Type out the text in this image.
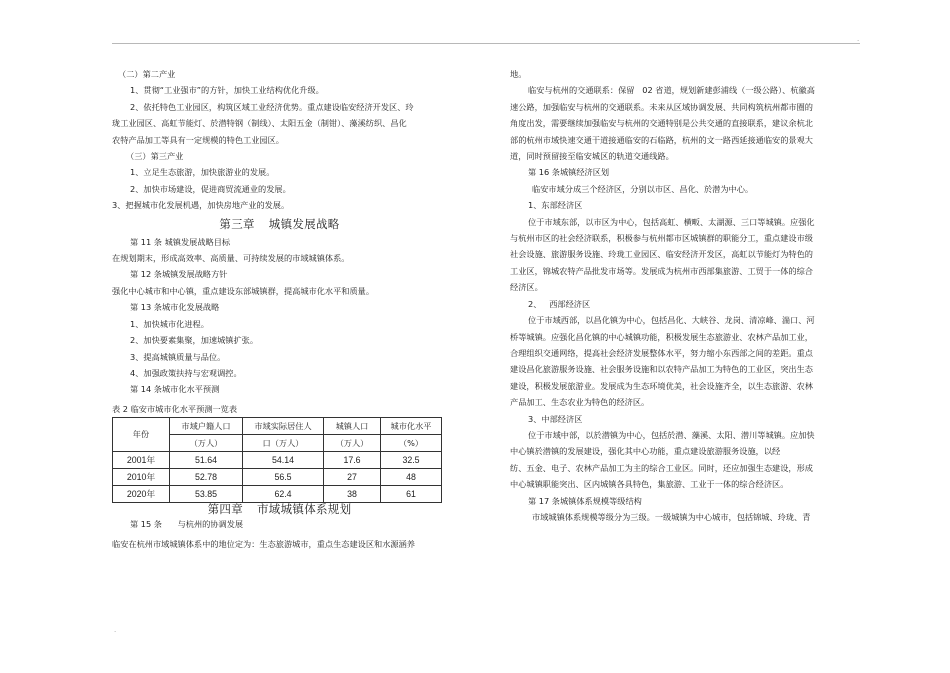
·
·
（二）第二产业
1、贯彻“工业强市”的方针，加快工业结构优化升级。
2、依托特色工业园区，构筑区域工业经济优势。重点建设临安经济开发区、玲
珑工业园区、高虹节能灯、於潜特钢（制线）、太阳五金（制钳）、藻溪纺织、昌化
农特产品加工等具有一定规模的特色工业园区。
（三）第三产业
1、立足生态旅游，加快旅游业的发展。
2、加快市场建设，促进商贸流通业的发展。
3、把握城市化发展机遇，加快房地产业的发展。
第三章 城镇发展战略
第 11 条 城镇发展战略目标
在规划期末，形成高效率、高质量、可持续发展的市域城镇体系。
第 12 条城镇发展战略方针
强化中心城市和中心镇，重点建设东部城镇群，提高城市化水平和质量。
第 13 条城市化发展战略
1、加快城市化进程。
2、加快要素集聚，加速城镇扩张。
3、提高城镇质量与品位。
4、加强政策扶持与宏观调控。
第 14 条城市化水平预测
表 2 临安市城市化水平预测一览表
年份	市域户籍人口	市域实际居住人	城镇人口	城市化水平
	（万人）	口（万人）	（万人）	（%）
2001年	51.64	54.14	17.6	32.5
2010年	52.78	56.5	27	48
2020年	53.85	62.4	38	61
第四章 市域城镇体系规划
第 15 条      与杭州的协调发展
临安在杭州市域城镇体系中的地位定为：生态旅游城市，重点生态建设区和水源涵养
地。
临安与杭州的交通联系：保留   02 省道，规划新建彭浦线（一级公路）、杭徽高
速公路，加强临安与杭州的交通联系。未来从区域协调发展、共同构筑杭州都市圈的
角度出发，需要继续加强临安与杭州的交通特别是公共交通的直接联系，建议余杭北
部的杭州市域快速交通干道接通临安的石临路，杭州的文一路西延接通临安的景观大
道，同时预留接至临安城区的轨道交通线路。
第 16 条城镇经济区划
临安市域分成三个经济区，分别以市区、昌化、於潜为中心。
1、东部经济区
位于市域东部，以市区为中心，包括高虹、横畈、太湖源、三口等城镇。应强化
与杭州市区的社会经济联系，积极参与杭州都市区城镇群的职能分工，重点建设市级
社会设施、旅游服务设施、玲珑工业园区、临安经济开发区，高虹以节能灯为特色的
工业区，锦城农特产品批发市场等。发展成为杭州市西部集旅游、工贸于一体的综合
经济区。
2、   西部经济区
位于市域西部，以昌化镇为中心，包括昌化、大峡谷、龙岗、清凉峰、湍口、河
桥等城镇。应强化昌化镇的中心城镇功能，积极发展生态旅游业、农林产品加工业，
合理组织交通网络，提高社会经济发展整体水平，努力缩小东西部之间的差距。重点
建设昌化旅游服务设施、社会服务设施和以农特产品加工为特色的工业区，突出生态
建设，积极发展旅游业。发展成为生态环境优美，社会设施齐全，以生态旅游、农林
产品加工、生态农业为特色的经济区。
3、中部经济区
位于市域中部，以於潜镇为中心，包括於潜、藻溪、太阳、潜川等城镇。应加快
中心镇於潜镇的发展建设，强化其中心功能，重点建设旅游服务设施，以经
纺、五金、电子、农林产品加工为主的综合工业区。同时，还应加强生态建设，形成
中心城镇职能突出、区内城镇各具特色，集旅游、工业于一体的综合经济区。
第 17 条城镇体系规模等级结构
市域城镇体系规模等级分为三级。一级城镇为中心城市，包括锦城、玲珑、青
